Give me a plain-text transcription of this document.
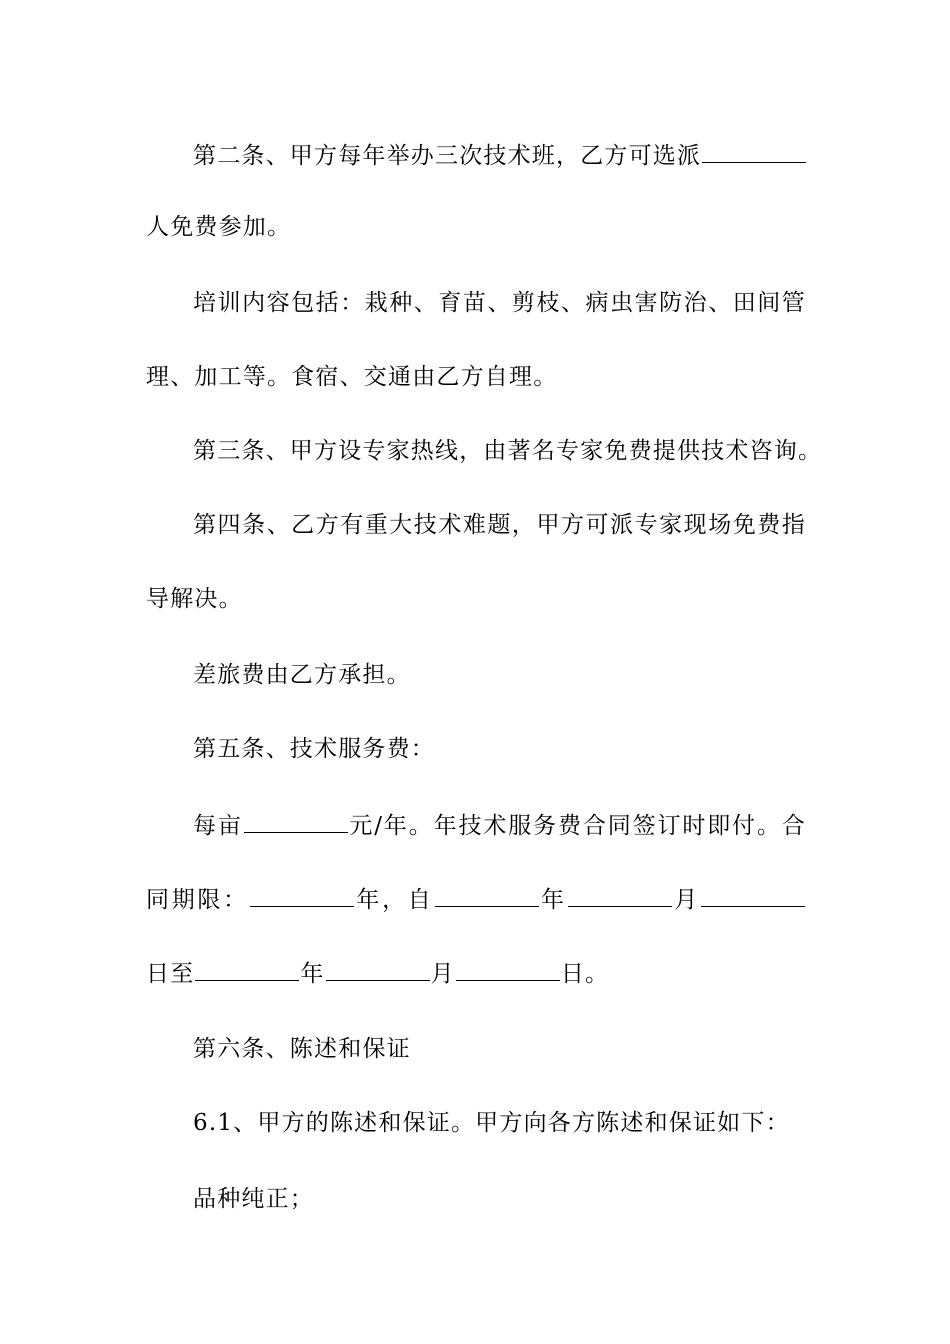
第二条、甲方每年举办三次技术班，乙方可选派
人免费参加。
培训内容包括：栽种、育苗、剪枝、病虫害防治、田间管
理、加工等。食宿、交通由乙方自理。
第三条、甲方设专家热线，由著名专家免费提供技术咨询。
第四条、乙方有重大技术难题，甲方可派专家现场免费指
导解决。
差旅费由乙方承担。
第五条、技术服务费：
每亩	元/年。年技术服务费合同签订时即付。合
同期限：	年，自	年	月
日至	年	月	日。
第六条、陈述和保证
6.1、甲方的陈述和保证。甲方向各方陈述和保证如下：
品种纯正；
